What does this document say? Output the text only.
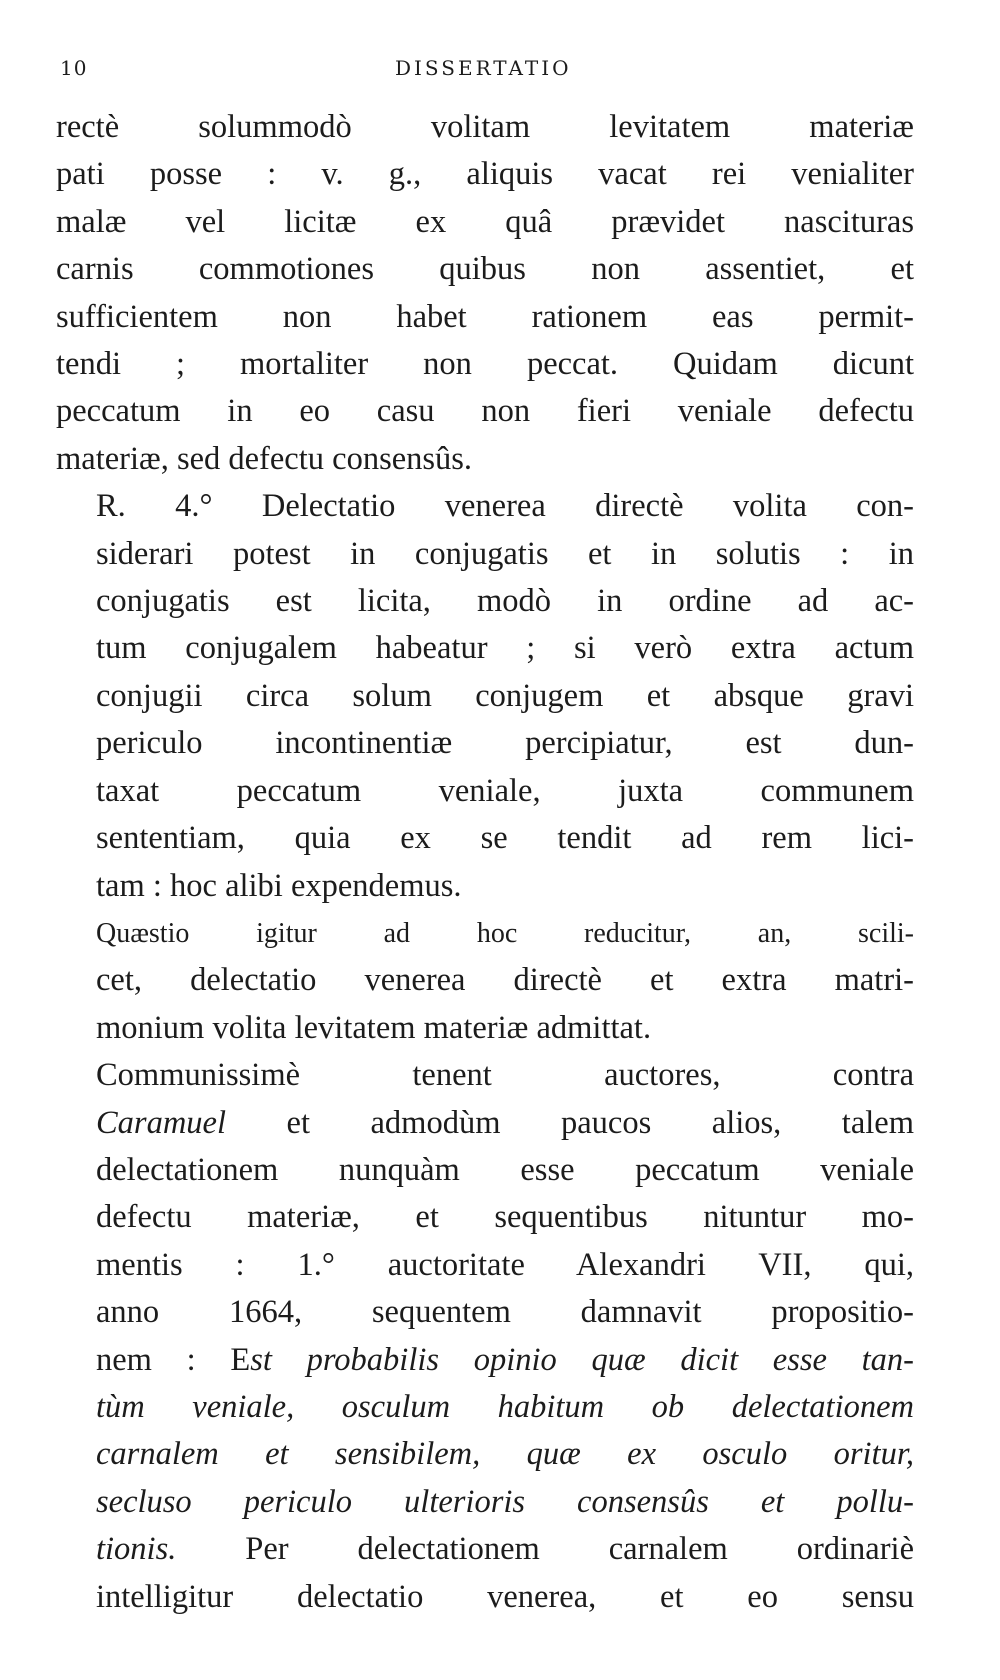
10	DISSERTATIO

rectè solummodò volitam levitatem materiæ
pati posse : v. g., aliquis vacat rei venialiter
malæ vel licitæ ex quâ prævidet nascituras
carnis commotiones quibus non assentiet, et
sufficientem non habet rationem eas permit-
tendi ; mortaliter non peccat. Quidam dicunt
peccatum in eo casu non fieri veniale defectu
materiæ, sed defectu consensûs.

R. 4.° Delectatio venerea directè volita con-
siderari potest in conjugatis et in solutis : in
conjugatis est licita, modò in ordine ad ac-
tum conjugalem habeatur ; si verò extra actum
conjugii circa solum conjugem et absque gravi
periculo incontinentiæ percipiatur, est dun-
taxat peccatum veniale, juxta communem
sententiam, quia ex se tendit ad rem lici-
tam : hoc alibi expendemus.

Quæstio igitur ad hoc reducitur, an, scili-
cet, delectatio venerea directè et extra matri-
monium volita levitatem materiæ admittat.

Communissimè tenent auctores, contra
Caramuel et admodùm paucos alios, talem
delectationem nunquàm esse peccatum veniale
defectu materiæ, et sequentibus nituntur mo-
mentis : 1.° auctoritate Alexandri VII, qui,
anno 1664, sequentem damnavit propositio-
nem : Est probabilis opinio quæ dicit esse tan-
tùm veniale, osculum habitum ob delectationem
carnalem et sensibilem, quæ ex osculo oritur,
secluso periculo ulterioris consensûs et pollu-
tionis. Per delectationem carnalem ordinariè
intelligitur delectatio venerea, et eo sensu
